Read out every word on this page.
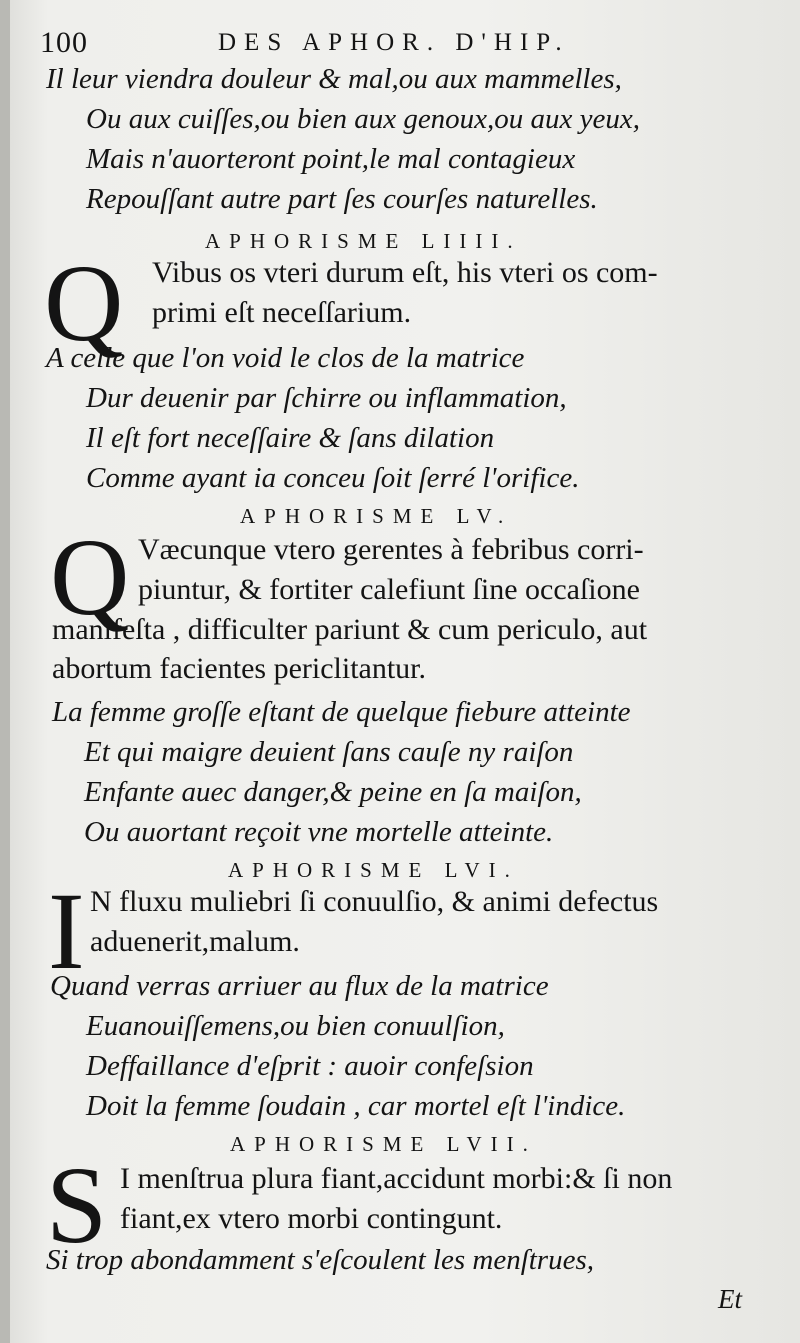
100	DES APHOR. D'HIP.
Il leur viendra douleur & mal,ou aux mammelles,
Ou aux cuiſſes,ou bien aux genoux,ou aux yeux,
Mais n'auorteront point,le mal contagieux
Repouſſant autre part ſes courſes naturelles.
APHORISME LIIII.
Q Vibus os vteri durum eſt, his vteri os com-
primi eſt neceſſarium.
A celle que l'on void le clos de la matrice
Dur deuenir par ſchirre ou inflammation,
Il eſt fort neceſſaire & ſans dilation
Comme ayant ia conceu ſoit ſerré l'orifice.
APHORISME LV.
Q Væcunque vtero gerentes à febribus corri-
piuntur, & fortiter calefiunt ſine occaſione
manifeſta , difficulter pariunt & cum periculo, aut
abortum facientes periclitantur.
La femme groſſe eſtant de quelque fiebure atteinte
Et qui maigre deuient ſans cauſe ny raiſon
Enfante auec danger,& peine en ſa maiſon,
Ou auortant reçoit vne mortelle atteinte.
APHORISME LVI.
I N fluxu muliebri ſi conuulſio, & animi defectus
aduenerit,malum.
Quand verras arriuer au flux de la matrice
Euanouiſſemens,ou bien conuulſion,
Deffaillance d'eſprit : auoir confeſsion
Doit la femme ſoudain , car mortel eſt l'indice.
APHORISME LVII.
S I menſtrua plura fiant,accidunt morbi:& ſi non
fiant,ex vtero morbi contingunt.
Si trop abondamment s'eſcoulent les menſtrues,
Et
